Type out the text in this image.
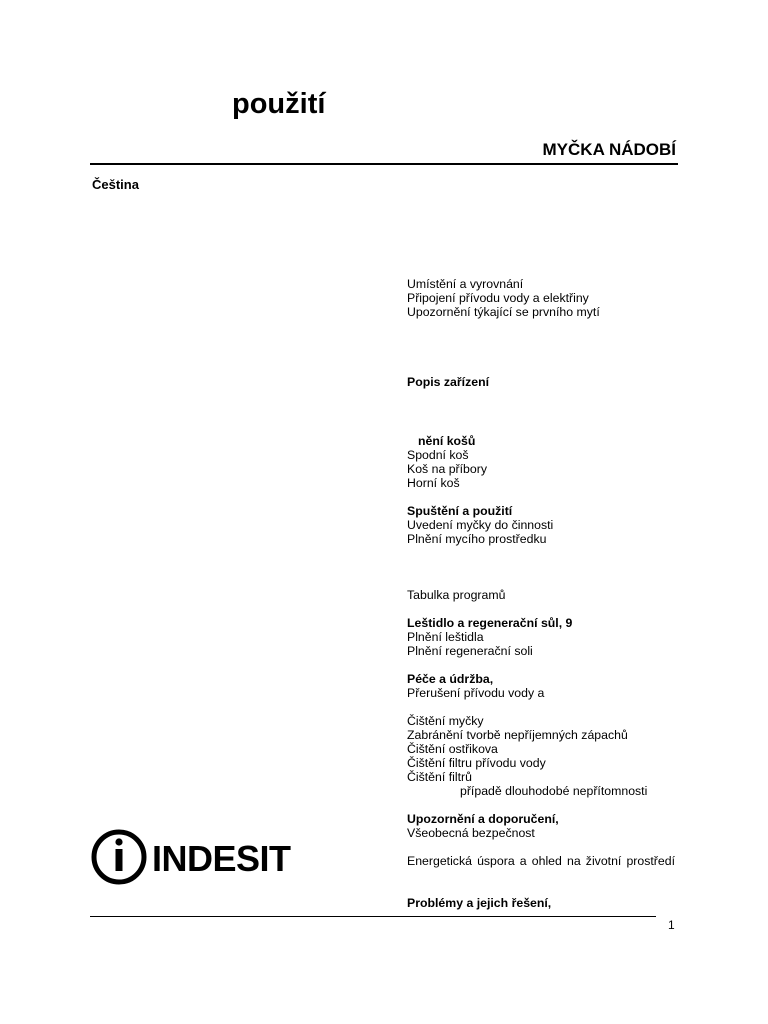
použití
MYČKA NÁDOBÍ
Čeština
Umístění a vyrovnání
Připojení přívodu vody a elektřiny
Upozornění týkající se prvního mytí
Popis zařízení
nění košů
Spodní koš
Koš na příbory
Horní koš
Spuštění a použití
Uvedení myčky do činnosti
Plnění mycího prostředku
Tabulka programů
Leštidlo a regenerační sůl, 9
Plnění leštidla
Plnění regenerační soli
Péče a údržba,
Přerušení přívodu vody a
Čištění myčky
Zabránění tvorbě nepříjemných zápachů
Čištění ostřikova
Čištění filtru přívodu vody
Čištění filtrů
případě dlouhodobé nepřítomnosti
Upozornění a doporučení,
Všeobecná bezpečnost
Energetická úspora a ohled na životní prostředí
Problémy a jejich řešení,
INDESIT
1
